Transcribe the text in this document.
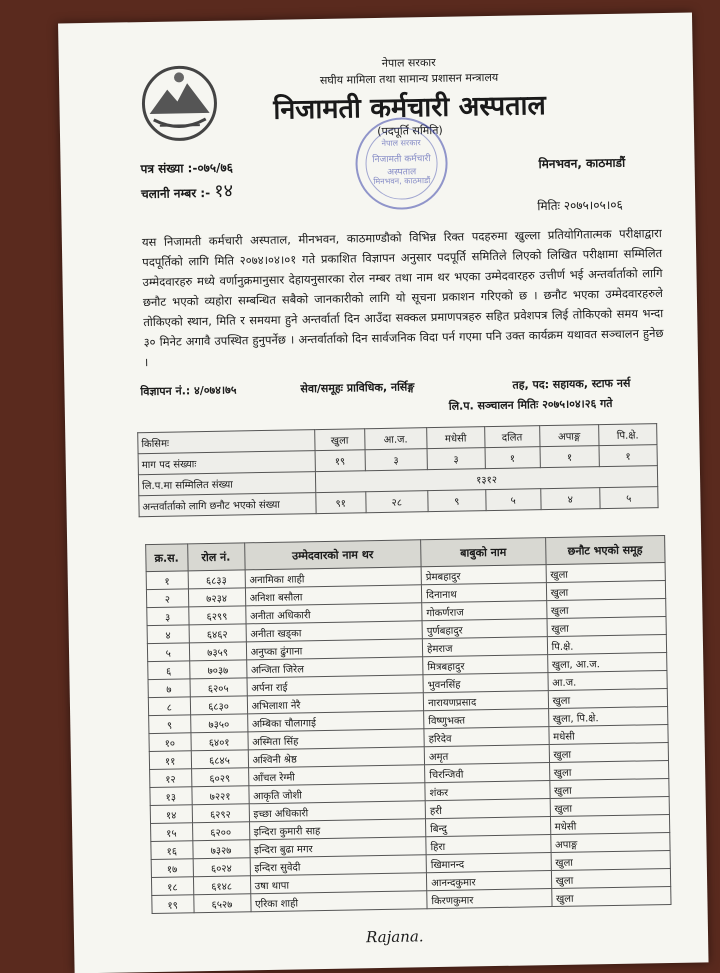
नेपाल सरकार
सघीय मामिला तथा सामान्य प्रशासन मन्त्रालय
निजामती कर्मचारी अस्पताल
(पदपूर्ति समिति)
नेपाल सरकार
निजामती कर्मचारी अस्पताल
मिनभवन, काठमाडौं
पत्र संख्या :-०७५/७६
चलानी नम्बर :- १४
मिनभवन, काठमाडौं
मितिः २०७५।०५।०६
यस निजामती कर्मचारी अस्पताल, मीनभवन, काठमाण्डौको विभिन्न रिक्त पदहरुमा खुल्ला प्रतियोगितात्मक परीक्षाद्वारा पदपूर्तिको लागि मिति २०७४।०४।०१ गते प्रकाशित विज्ञापन अनुसार पदपूर्ति समितिले लिएको लिखित परीक्षामा सम्मिलित उम्मेदवारहरु मध्ये वर्णानुक्रमानुसार देहायनुसारका रोल नम्बर तथा नाम थर भएका उम्मेदवारहरु उत्तीर्ण भई अन्तर्वार्ताको लागि छनौट भएको व्यहोरा सम्बन्धित सबैको जानकारीको लागि यो सूचना प्रकाशन गरिएको छ । छनौट भएका उम्मेदवारहरुले तोकिएको स्थान, मिति र समयमा हुने अन्तर्वार्ता दिन आउँदा सक्कल प्रमाणपत्रहरु सहित प्रवेशपत्र लिई तोकिएको समय भन्दा ३० मिनेट अगावै उपस्थित हुनुपर्नेछ । अन्तर्वार्ताको दिन सार्वजनिक विदा पर्न गएमा पनि उक्त कार्यक्रम यथावत सञ्चालन हुनेछ ।
विज्ञापन नं.: ४/०७४।७५	सेवा/समूहः प्राविधिक, नर्सिङ्ग	तह, पद: सहायक, स्टाफ नर्स
लि.प. सञ्चालन मितिः २०७५।०४।२६ गते
किसिमः	खुला	आ.ज.	मधेसी	दलित	अपाङ्ग	पि.क्षे.
माग पद संख्याः	१९	३	३	१	१	१
लि.प.मा सम्मिलित संख्या	१३१२					
अन्तर्वार्ताको लागि छनौट भएको संख्या	९१	२८	९	५	४	५
क्र.स.	रोल नं.	उम्मेदवारको नाम थर	बाबुको नाम	छनौट भएको समूह
१	६८३३	अनामिका शाही	प्रेमबहादुर	खुला
२	७२३४	अनिशा बसौला	दिनानाथ	खुला
३	६२९९	अनीता अधिकारी	गोकर्णराज	खुला
४	६४६२	अनीता खड्का	पुर्णबहादुर	खुला
५	७३५९	अनुप्का ढुंगाना	हेमराज	पि.क्षे.
६	७०३७	अन्जिता जिरेल	मित्रबहादुर	खुला, आ.ज.
७	६२०५	अर्पना राई	भुवनसिंह	आ.ज.
८	६८३०	अभिलाशा नेरै	नारायणप्रसाद	खुला
९	७३५०	अम्बिका चौलागाई	विष्णुभक्त	खुला, पि.क्षे.
१०	६४०१	अस्मिता सिंह	हरिदेव	मधेसी
११	६८४५	अश्विनी श्रेष्ठ	अमृत	खुला
१२	६०२९	आँचल रेग्मी	चिरन्जिवी	खुला
१३	७२२१	आकृति जोशी	शंकर	खुला
१४	६२९२	इच्छा अधिकारी	हरी	खुला
१५	६२००	इन्दिरा कुमारी साह	बिन्दु	मधेसी
१६	७३२७	इन्दिरा बुढा मगर	हिरा	अपाङ्ग
१७	६०२४	इन्दिरा सुवेदी	खिमानन्द	खुला
१८	६१४८	उषा थापा	आनन्दकुमार	खुला
१९	६५२७	एरिका शाही	किरणकुमार	खुला
Rajana.
